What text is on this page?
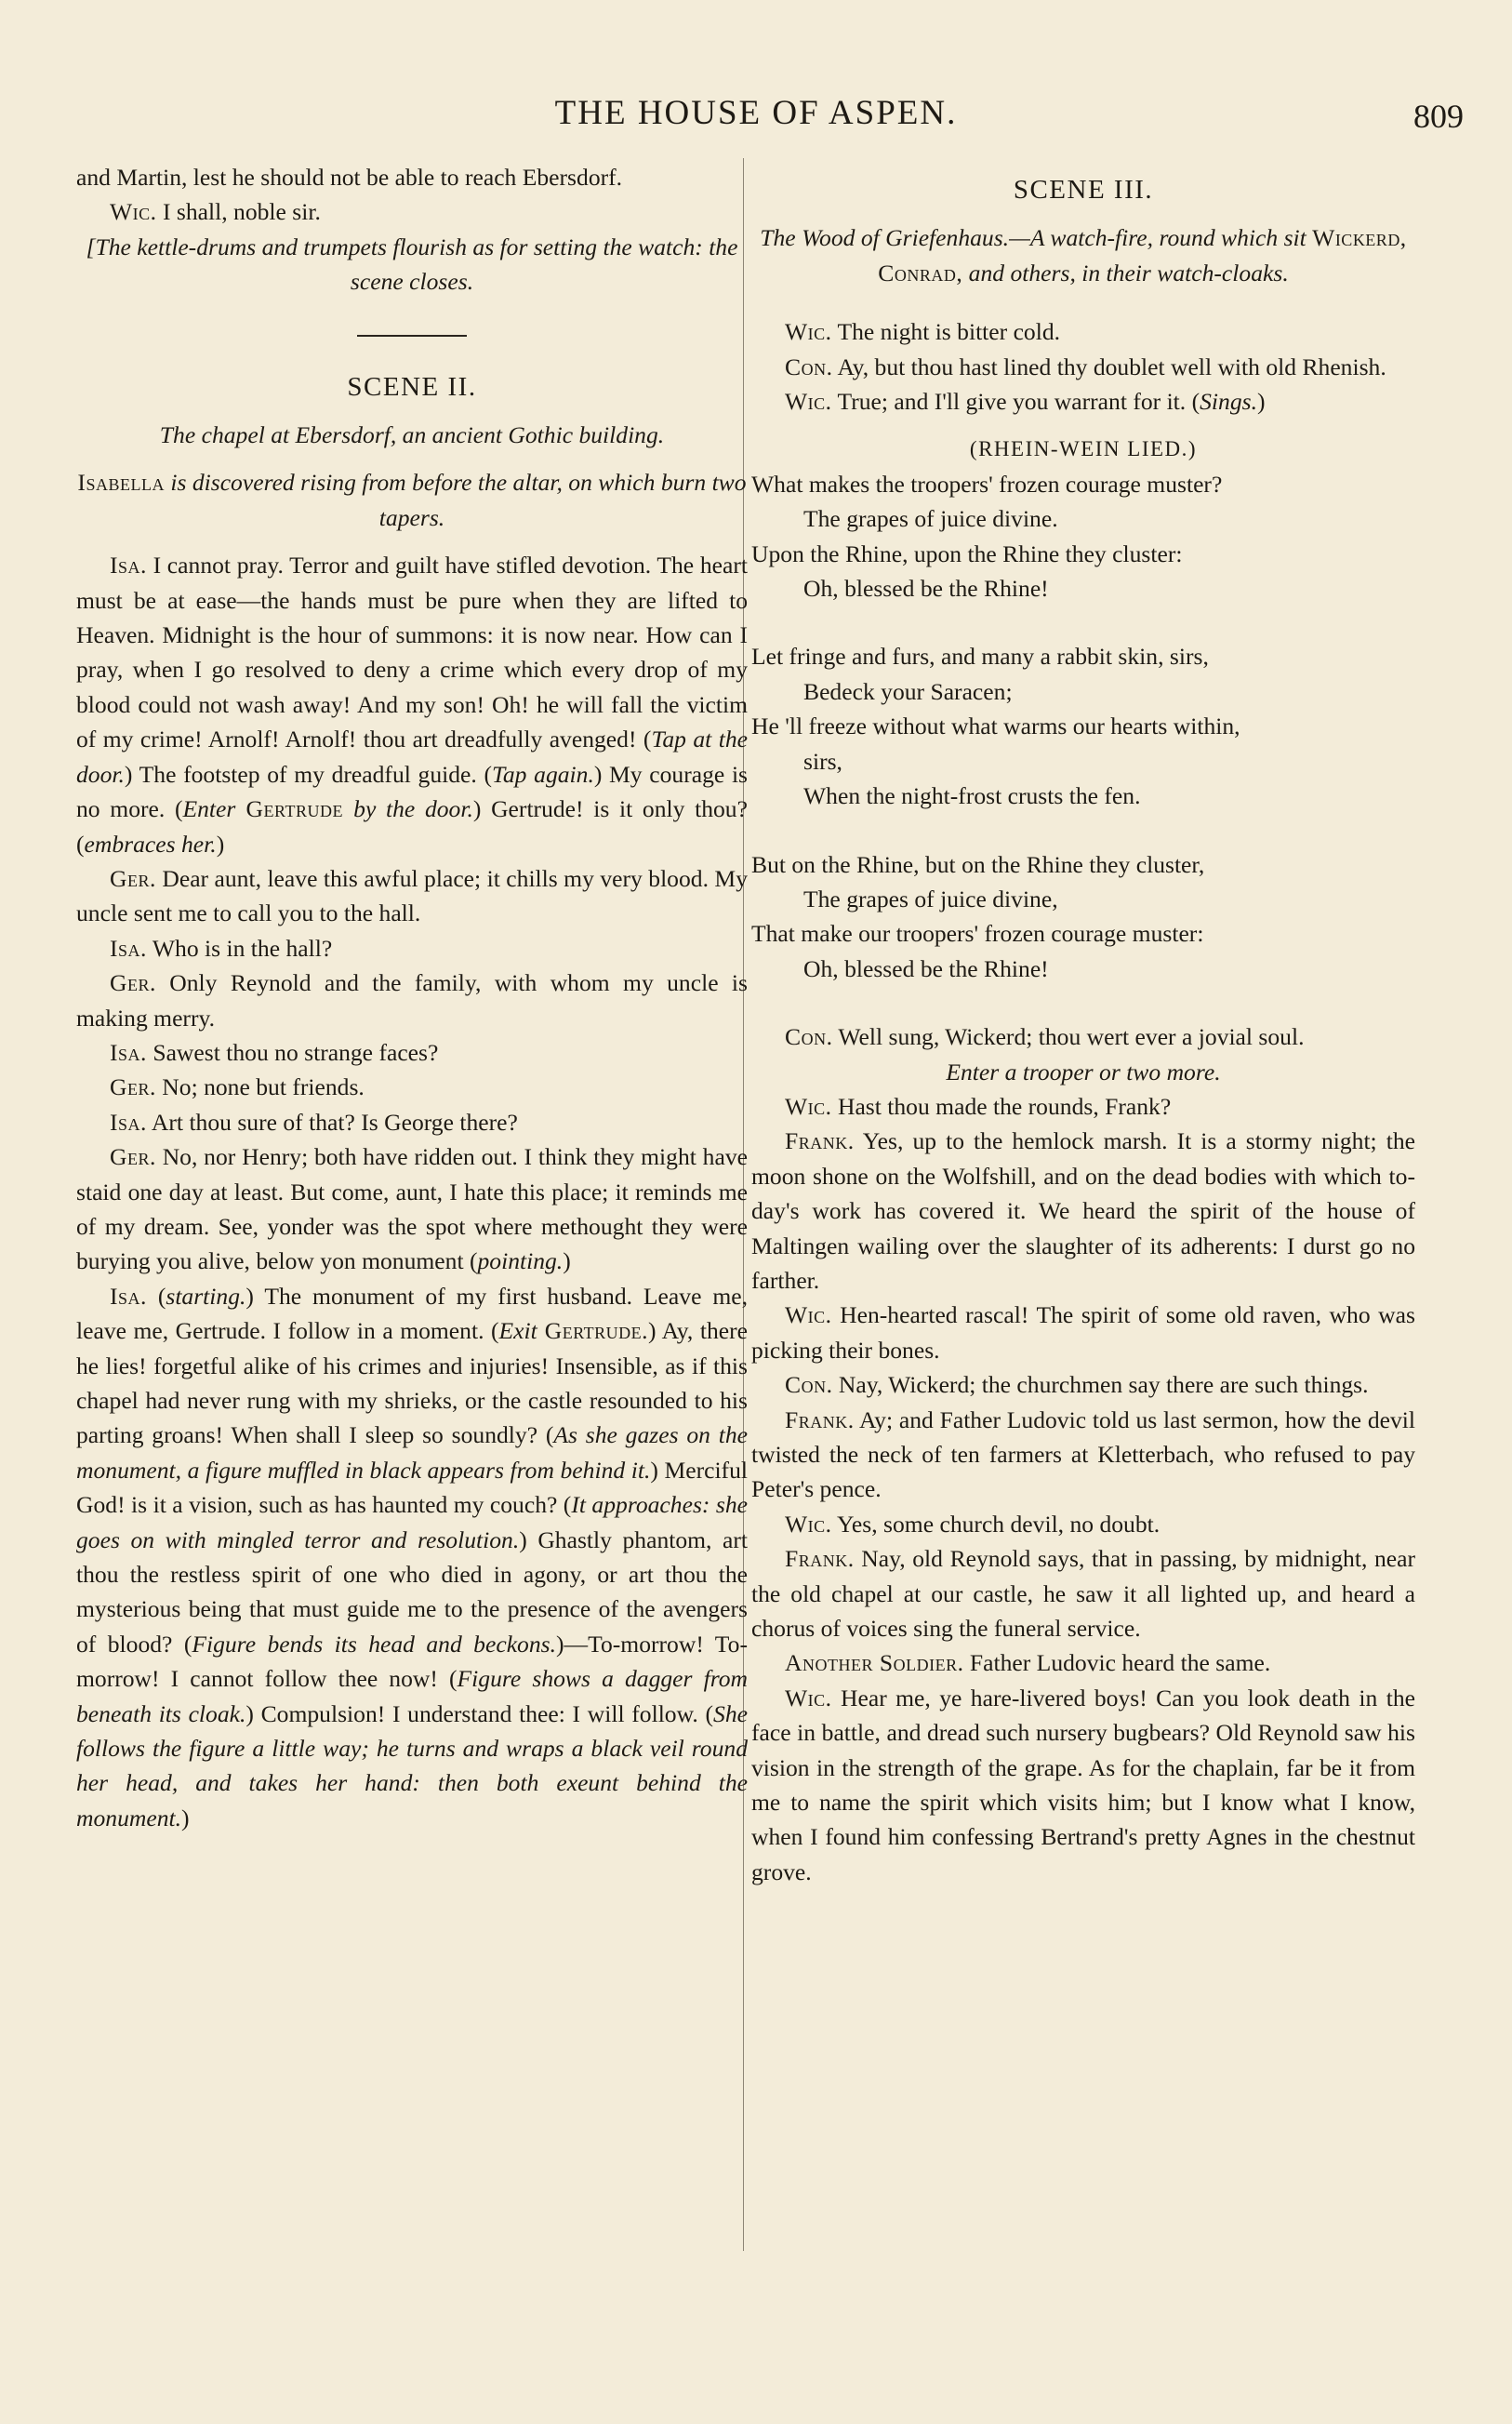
THE HOUSE OF ASPEN.	809

and Martin, lest he should not be able to reach Ebersdorf.

Wic. I shall, noble sir.

[The kettle-drums and trumpets flourish as for setting the watch: the scene closes.

SCENE II.

The chapel at Ebersdorf, an ancient Gothic building.

Isabella is discovered rising from before the altar, on which burn two tapers.

Isa. I cannot pray. Terror and guilt have stifled devotion. The heart must be at ease—the hands must be pure when they are lifted to Heaven. Midnight is the hour of summons: it is now near. How can I pray, when I go resolved to deny a crime which every drop of my blood could not wash away! And my son! Oh! he will fall the victim of my crime! Arnolf! Arnolf! thou art dreadfully avenged! (Tap at the door.) The footstep of my dreadful guide. (Tap again.) My courage is no more. (Enter Gertrude by the door.) Gertrude! is it only thou? (embraces her.)

Ger. Dear aunt, leave this awful place; it chills my very blood. My uncle sent me to call you to the hall.

Isa. Who is in the hall?

Ger. Only Reynold and the family, with whom my uncle is making merry.

Isa. Sawest thou no strange faces?

Ger. No; none but friends.

Isa. Art thou sure of that? Is George there?

Ger. No, nor Henry; both have ridden out. I think they might have staid one day at least. But come, aunt, I hate this place; it reminds me of my dream. See, yonder was the spot where methought they were burying you alive, below yon monument (pointing.)

Isa. (starting.) The monument of my first husband. Leave me, leave me, Gertrude. I follow in a moment. (Exit Gertrude.) Ay, there he lies! forgetful alike of his crimes and injuries! Insensible, as if this chapel had never rung with my shrieks, or the castle resounded to his parting groans! When shall I sleep so soundly? (As she gazes on the monument, a figure muffled in black appears from behind it.) Merciful God! is it a vision, such as has haunted my couch? (It approaches: she goes on with mingled terror and resolution.) Ghastly phantom, art thou the restless spirit of one who died in agony, or art thou the mysterious being that must guide me to the presence of the avengers of blood? (Figure bends its head and beckons.)—To-morrow! To-morrow! I cannot follow thee now! (Figure shows a dagger from beneath its cloak.) Compulsion! I understand thee: I will follow. (She follows the figure a little way; he turns and wraps a black veil round her head, and takes her hand: then both exeunt behind the monument.)

SCENE III.

The Wood of Griefenhaus.—A watch-fire, round which sit Wickerd, Conrad, and others, in their watch-cloaks.

Wic. The night is bitter cold.

Con. Ay, but thou hast lined thy doublet well with old Rhenish.

Wic. True; and I'll give you warrant for it. (Sings.)

(RHEIN-WEIN LIED.)

What makes the troopers' frozen courage muster?

The grapes of juice divine.

Upon the Rhine, upon the Rhine they cluster:

Oh, blessed be the Rhine!

Let fringe and furs, and many a rabbit skin, sirs,

Bedeck your Saracen;

He 'll freeze without what warms our hearts within,

sirs,

When the night-frost crusts the fen.

But on the Rhine, but on the Rhine they cluster,

The grapes of juice divine,

That make our troopers' frozen courage muster:

Oh, blessed be the Rhine!

Con. Well sung, Wickerd; thou wert ever a jovial soul.

Enter a trooper or two more.

Wic. Hast thou made the rounds, Frank?

Frank. Yes, up to the hemlock marsh. It is a stormy night; the moon shone on the Wolfshill, and on the dead bodies with which to-day's work has covered it. We heard the spirit of the house of Maltingen wailing over the slaughter of its adherents: I durst go no farther.

Wic. Hen-hearted rascal! The spirit of some old raven, who was picking their bones.

Con. Nay, Wickerd; the churchmen say there are such things.

Frank. Ay; and Father Ludovic told us last sermon, how the devil twisted the neck of ten farmers at Kletterbach, who refused to pay Peter's pence.

Wic. Yes, some church devil, no doubt.

Frank. Nay, old Reynold says, that in passing, by midnight, near the old chapel at our castle, he saw it all lighted up, and heard a chorus of voices sing the funeral service.

Another Soldier. Father Ludovic heard the same.

Wic. Hear me, ye hare-livered boys! Can you look death in the face in battle, and dread such nursery bugbears? Old Reynold saw his vision in the strength of the grape. As for the chaplain, far be it from me to name the spirit which visits him; but I know what I know, when I found him confessing Bertrand's pretty Agnes in the chestnut grove.
